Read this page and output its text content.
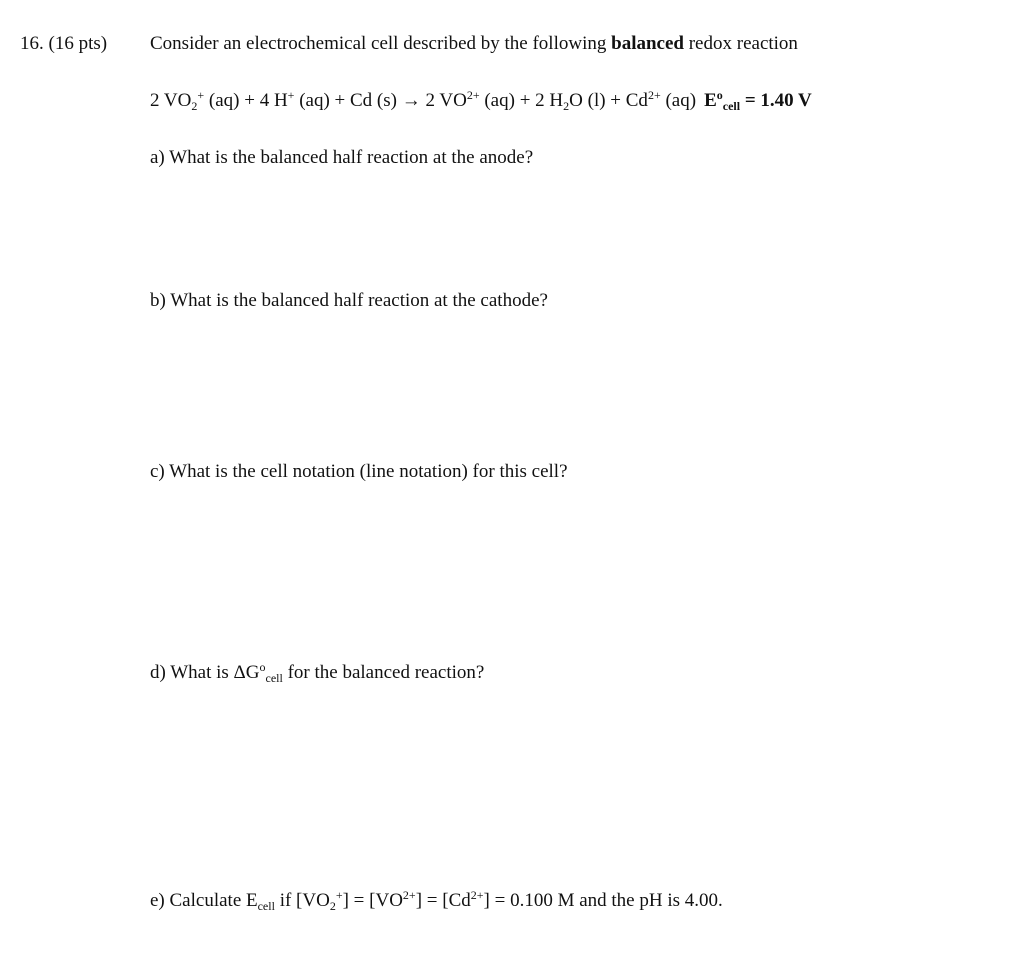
16. (16 pts) Consider an electrochemical cell described by the following balanced redox reaction
2 $VO_2^+$ (aq) + 4 H+ (aq) + Cd (s) → 2 $VO^{2+}$ (aq) + 2 $H_2O$ $(l) + Cd^{2+}$ (aq) $E^o_{cell} = 1.40$ V
a) What is the balanced half reaction at the anode?
b) What is the balanced half reaction at the cathode?
c) What is the cell notation (line notation) for this cell?
d) What is $\Delta G^o_{cell}$ for the balanced reaction?
e) Calculate $E_{cell}$ if $[VO_2^+] = [VO^{2+}] = [Cd^{2+}] = 0.100$ M and the pH is 4.00.
